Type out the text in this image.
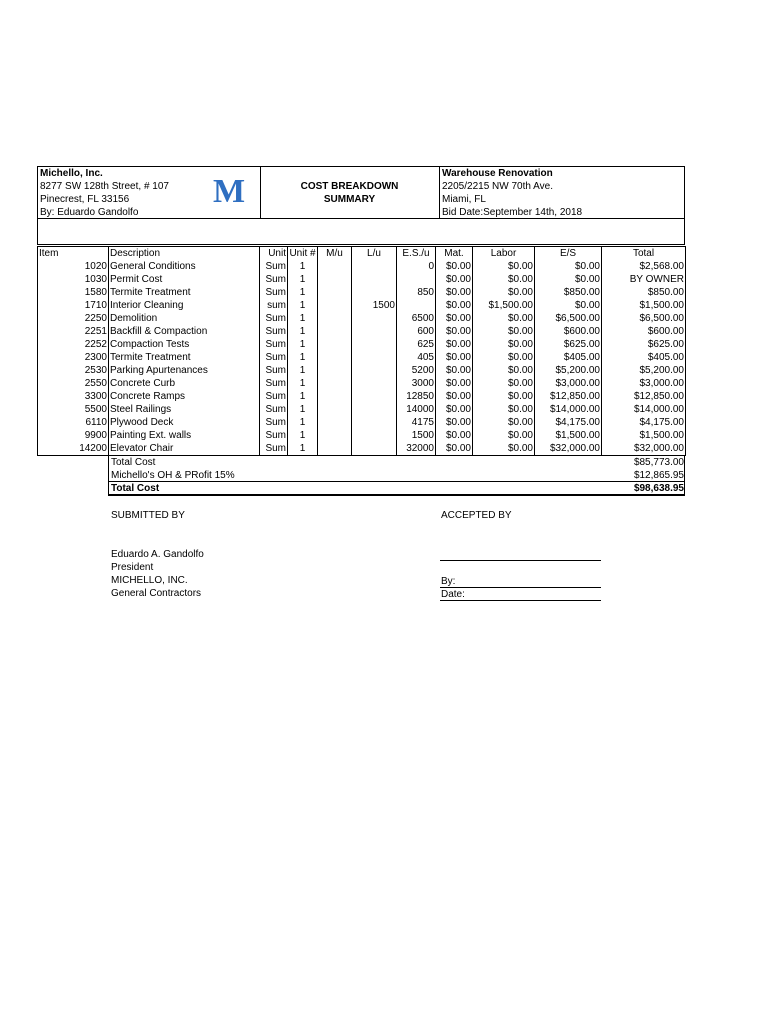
Michello, Inc.
8277 SW 128th Street, # 107
Pinecrest, FL 33156
By: Eduardo Gandolfo
M	COST BREAKDOWN
SUMMARY
Warehouse Renovation
2205/2215 NW 70th Ave.
Miami, FL
Bid Date:September 14th, 2018
Item	Description	Unit	Unit #	M/u	L/u	E.S./u	Mat.	Labor	E/S	Total
1020	General Conditions	Sum	1			0	$0.00	$0.00	$0.00	$2,568.00
1030	Permit Cost	Sum	1				$0.00	$0.00	$0.00	BY OWNER
1580	Termite Treatment	Sum	1			850	$0.00	$0.00	$850.00	$850.00
1710	Interior Cleaning	sum	1		1500		$0.00	$1,500.00	$0.00	$1,500.00
2250	Demolition	Sum	1			6500	$0.00	$0.00	$6,500.00	$6,500.00
2251	Backfill & Compaction	Sum	1			600	$0.00	$0.00	$600.00	$600.00
2252	Compaction Tests	Sum	1			625	$0.00	$0.00	$625.00	$625.00
2300	Termite Treatment	Sum	1			405	$0.00	$0.00	$405.00	$405.00
2530	Parking Apurtenances	Sum	1			5200	$0.00	$0.00	$5,200.00	$5,200.00
2550	Concrete Curb	Sum	1			3000	$0.00	$0.00	$3,000.00	$3,000.00
3300	Concrete Ramps	Sum	1			12850	$0.00	$0.00	$12,850.00	$12,850.00
5500	Steel Railings	Sum	1			14000	$0.00	$0.00	$14,000.00	$14,000.00
6110	Plywood Deck	Sum	1			4175	$0.00	$0.00	$4,175.00	$4,175.00
9900	Painting Ext. walls	Sum	1			1500	$0.00	$0.00	$1,500.00	$1,500.00
14200	Elevator Chair	Sum	1			32000	$0.00	$0.00	$32,000.00	$32,000.00
Total Cost	$85,773.00
Michello's OH & PRofit 15%	$12,865.95
Total Cost	$98,638.95
SUBMITTED BY	ACCEPTED BY
Eduardo A. Gandolfo
President
MICHELLO, INC.
General Contractors
By:
Date:
